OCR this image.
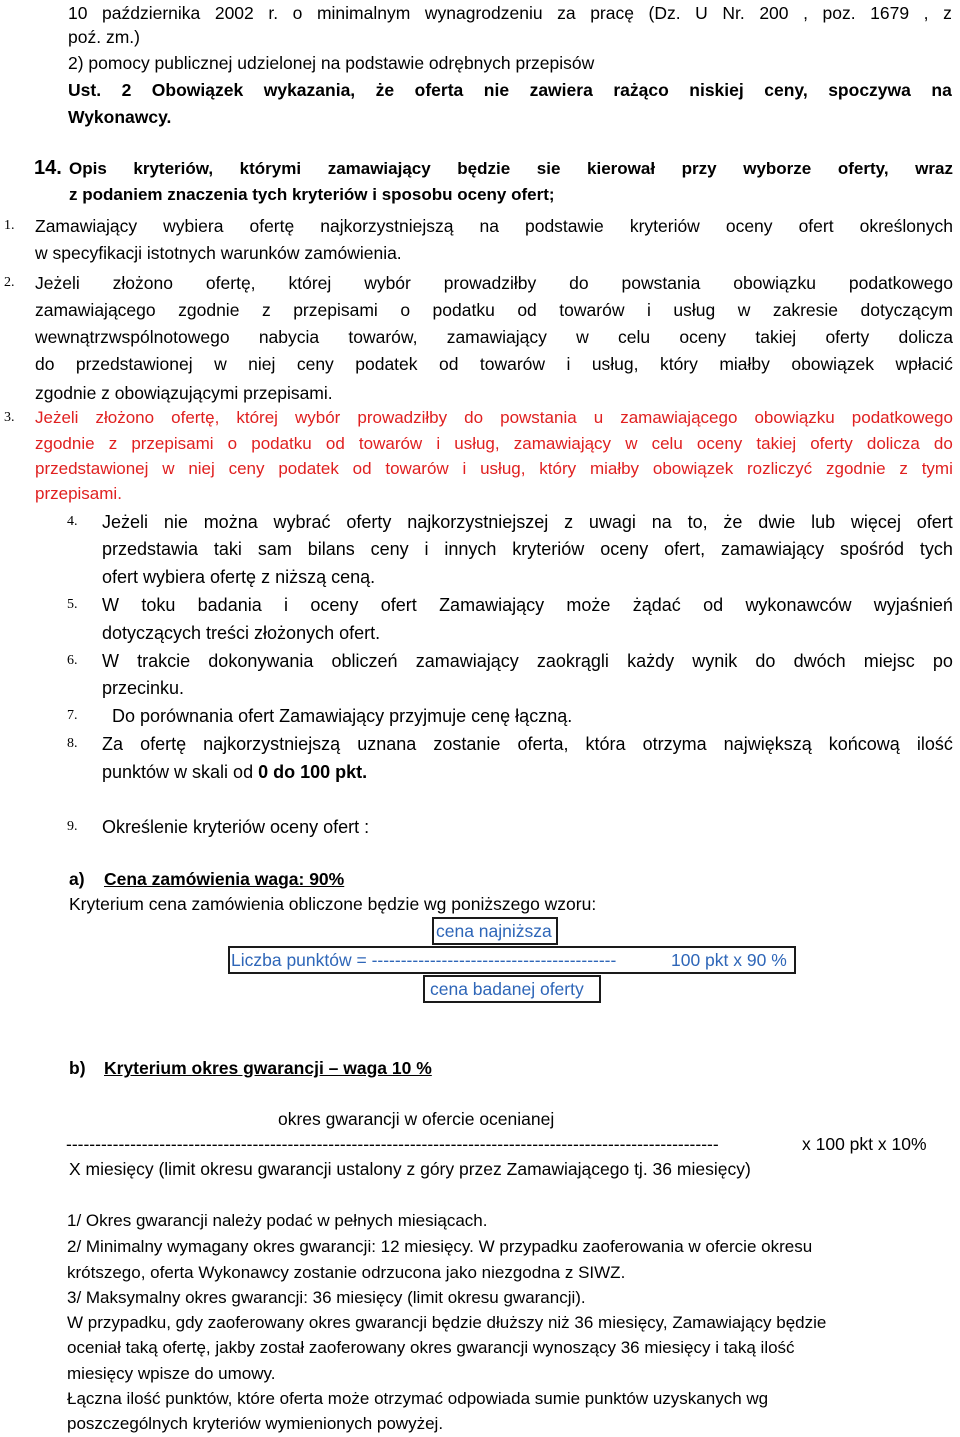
10 października 2002 r. o minimalnym wynagrodzeniu za pracę (Dz. U Nr. 200 , poz. 1679 , z
poź. zm.)
2) pomocy publicznej udzielonej na podstawie odrębnych przepisów
Ust. 2 Obowiązek wykazania, że oferta nie zawiera rażąco niskiej ceny, spoczywa na
Wykonawcy.
14. Opis kryteriów, którymi zamawiający będzie sie kierował przy wyborze oferty, wraz
z podaniem znaczenia tych kryteriów i sposobu oceny ofert;
1. Zamawiający wybiera ofertę najkorzystniejszą na podstawie kryteriów oceny ofert określonych
w specyfikacji istotnych warunków zamówienia.
2. Jeżeli złożono ofertę, której wybór prowadziłby do powstania obowiązku podatkowego
zamawiającego zgodnie z przepisami o podatku od towarów i usług w zakresie dotyczącym
wewnątrzwspólnotowego nabycia towarów, zamawiający w celu oceny takiej oferty dolicza
do przedstawionej w niej ceny podatek od towarów i usług, który miałby obowiązek wpłacić
zgodnie z obowiązującymi przepisami.
3. Jeżeli złożono ofertę, której wybór prowadziłby do powstania u zamawiającego obowiązku podatkowego
zgodnie z przepisami o podatku od towarów i usług, zamawiający w celu oceny takiej oferty dolicza do
przedstawionej w niej ceny podatek od towarów i usług, który miałby obowiązek rozliczyć zgodnie z tymi
przepisami.
4. Jeżeli nie można wybrać oferty najkorzystniejszej z uwagi na to, że dwie lub więcej ofert
przedstawia taki sam bilans ceny i innych kryteriów oceny ofert, zamawiający spośród tych
ofert wybiera ofertę z niższą ceną.
5. W toku badania i oceny ofert Zamawiający może żądać od wykonawców wyjaśnień
dotyczących treści złożonych ofert.
6. W trakcie dokonywania obliczeń zamawiający zaokrągli każdy wynik do dwóch miejsc po
przecinku.
7. Do porównania ofert Zamawiający przyjmuje cenę łączną.
8. Za ofertę najkorzystniejszą uznana zostanie oferta, która otrzyma największą końcową ilość
punktów w skali od 0 do 100 pkt.
9. Określenie kryteriów oceny ofert :
a) Cena zamówienia waga: 90%
Kryterium cena zamówienia obliczone będzie wg poniższego wzoru:
cena najniższa
Liczba punktów = ------------------------------------------	100 pkt x 90 %
cena badanej oferty
b) Kryterium okres gwarancji – waga 10 %
okres gwarancji w ofercie ocenianej
----------------------------------------------------------------------------------------------------------------	x 100 pkt x 10%
X miesięcy (limit okresu gwarancji ustalony z góry przez Zamawiającego tj. 36 miesięcy)
1/ Okres gwarancji należy podać w pełnych miesiącach.
2/ Minimalny wymagany okres gwarancji: 12 miesięcy. W przypadku zaoferowania w ofercie okresu
krótszego, oferta Wykonawcy zostanie odrzucona jako niezgodna z SIWZ.
3/ Maksymalny okres gwarancji: 36 miesięcy (limit okresu gwarancji).
W przypadku, gdy zaoferowany okres gwarancji będzie dłuższy niż 36 miesięcy, Zamawiający będzie
oceniał taką ofertę, jakby został zaoferowany okres gwarancji wynoszący 36 miesięcy i taką ilość
miesięcy wpisze do umowy.
Łączna ilość punktów, które oferta może otrzymać odpowiada sumie punktów uzyskanych wg
poszczególnych kryteriów wymienionych powyżej.
